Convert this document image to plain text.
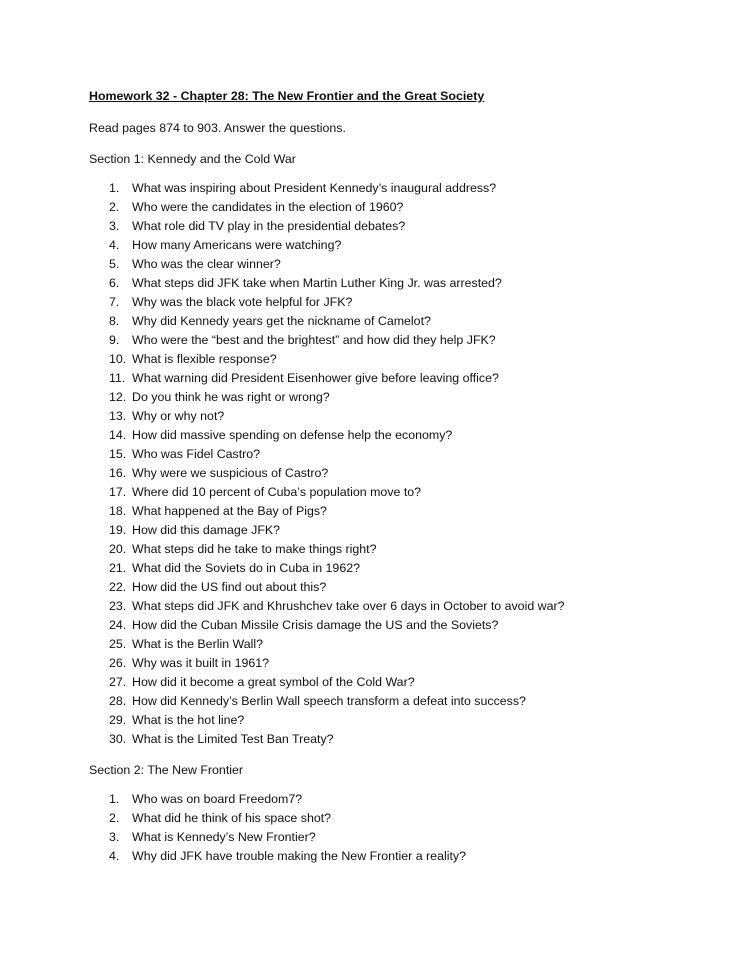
Homework 32 - Chapter 28: The New Frontier and the Great Society
Read pages 874 to 903. Answer the questions.
Section 1: Kennedy and the Cold War
1. What was inspiring about President Kennedy’s inaugural address?
2. Who were the candidates in the election of 1960?
3. What role did TV play in the presidential debates?
4. How many Americans were watching?
5. Who was the clear winner?
6. What steps did JFK take when Martin Luther King Jr. was arrested?
7. Why was the black vote helpful for JFK?
8. Why did Kennedy years get the nickname of Camelot?
9. Who were the “best and the brightest” and how did they help JFK?
10. What is flexible response?
11. What warning did President Eisenhower give before leaving office?
12. Do you think he was right or wrong?
13. Why or why not?
14. How did massive spending on defense help the economy?
15. Who was Fidel Castro?
16. Why were we suspicious of Castro?
17. Where did 10 percent of Cuba’s population move to?
18. What happened at the Bay of Pigs?
19. How did this damage JFK?
20. What steps did he take to make things right?
21. What did the Soviets do in Cuba in 1962?
22. How did the US find out about this?
23. What steps did JFK and Khrushchev take over 6 days in October to avoid war?
24. How did the Cuban Missile Crisis damage the US and the Soviets?
25. What is the Berlin Wall?
26. Why was it built in 1961?
27. How did it become a great symbol of the Cold War?
28. How did Kennedy’s Berlin Wall speech transform a defeat into success?
29. What is the hot line?
30. What is the Limited Test Ban Treaty?
Section 2: The New Frontier
1. Who was on board Freedom7?
2. What did he think of his space shot?
3. What is Kennedy’s New Frontier?
4. Why did JFK have trouble making the New Frontier a reality?
